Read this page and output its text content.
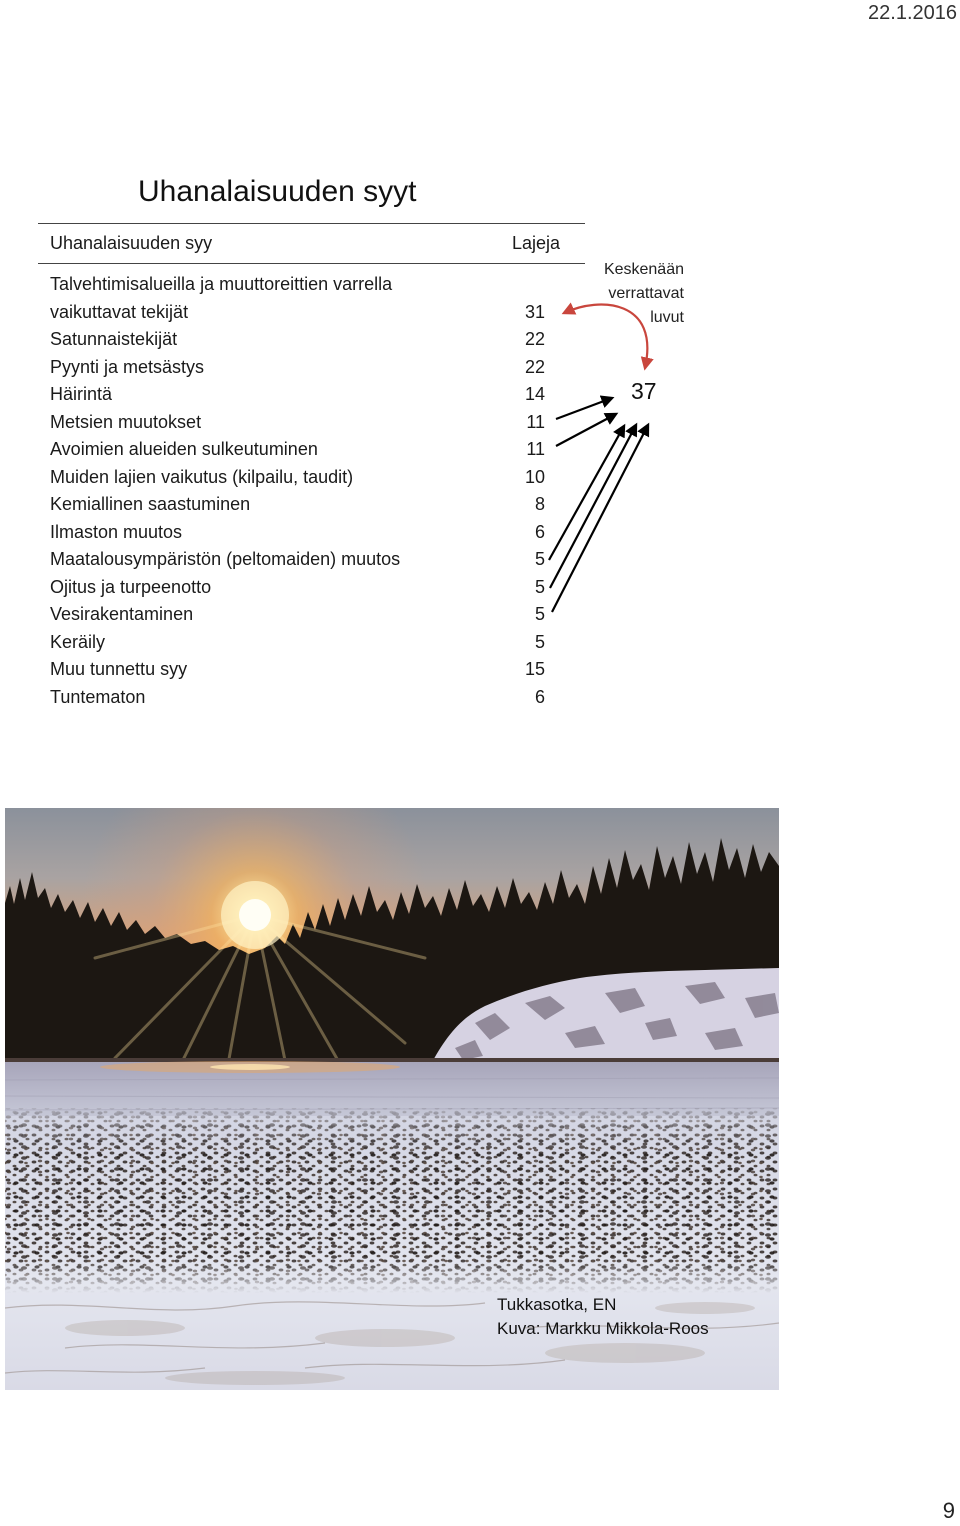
22.1.2016
Uhanalaisuuden syyt
Uhanalaisuuden syy	Lajeja
Talvehtimisalueilla ja muuttoreittien varrella
vaikuttavat tekijät	31
Satunnaistekijät	22
Pyynti ja metsästys	22
Häirintä	14
Metsien muutokset	11
Avoimien alueiden sulkeutuminen	11
Muiden lajien vaikutus (kilpailu, taudit)	10
Kemiallinen saastuminen	8
Ilmaston muutos	6
Maatalousympäristön (peltomaiden) muutos	5
Ojitus ja turpeenotto	5
Vesirakentaminen	5
Keräily	5
Muu tunnettu syy	15
Tuntematon	6
Keskenään
verrattavat
luvut
37
Tukkasotka, EN
Kuva: Markku Mikkola-Roos
9
